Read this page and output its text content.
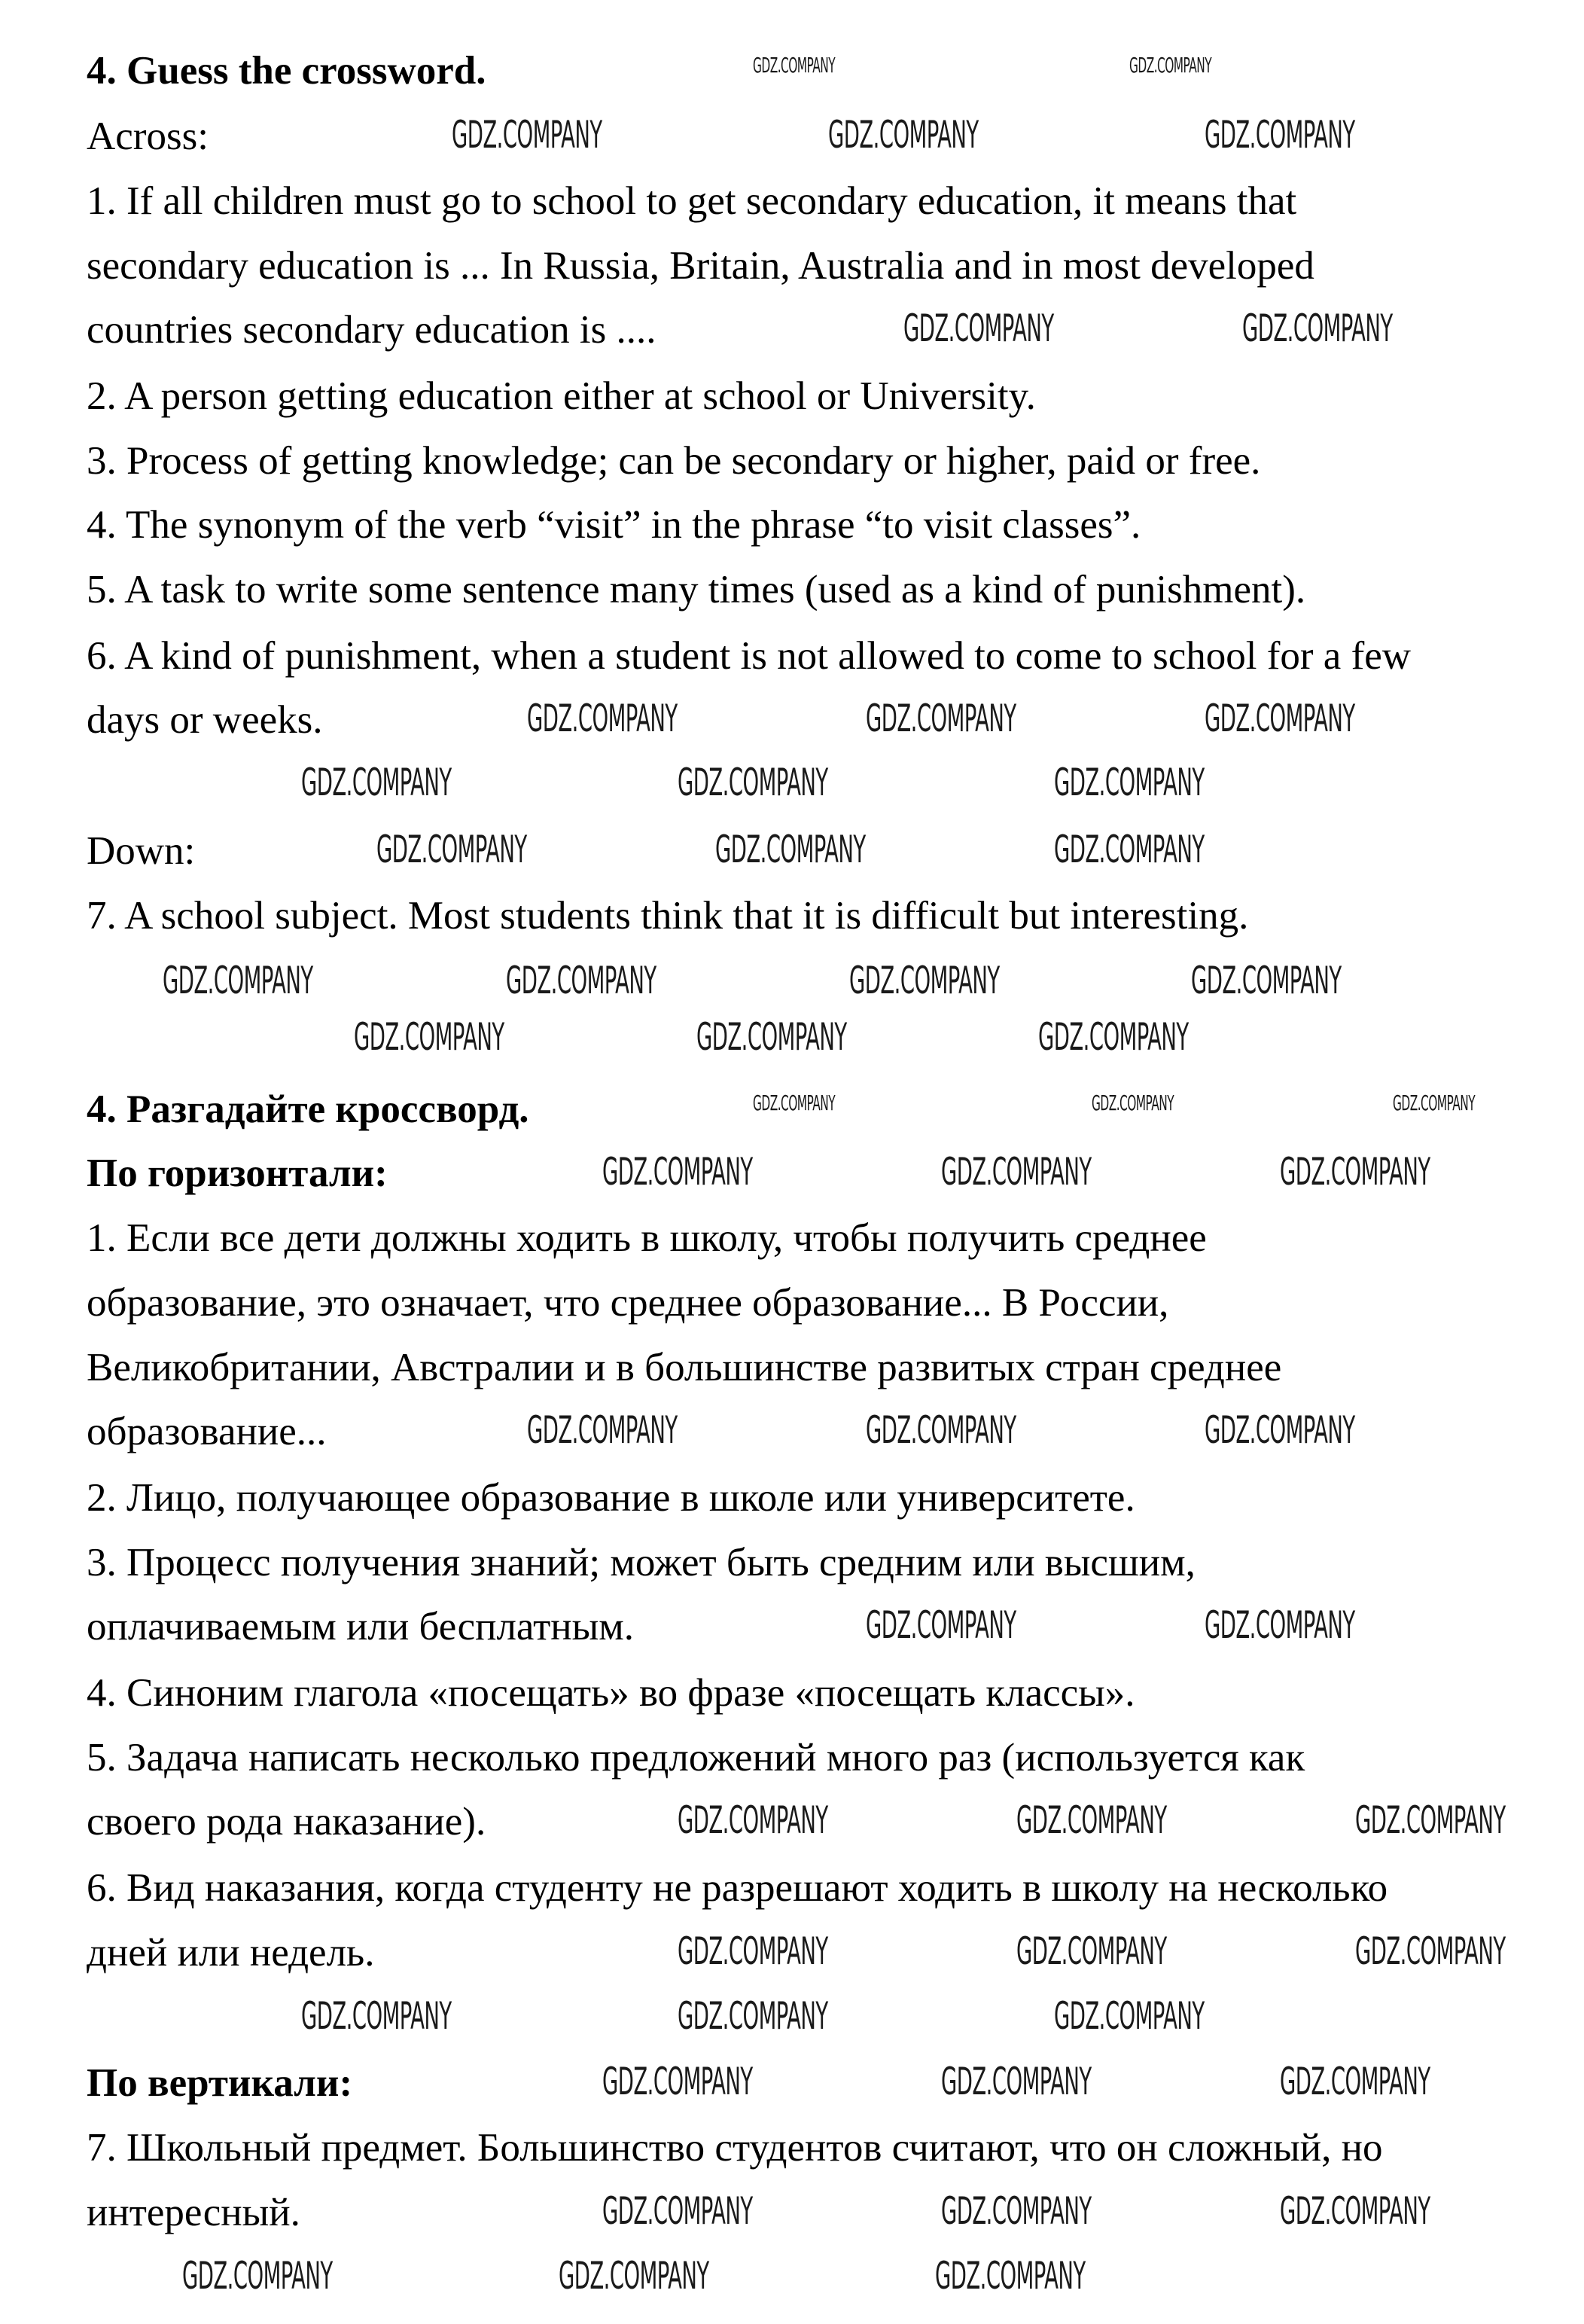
4. Guess the crossword.
Across:
1. If all children must go to school to get secondary education, it means that
secondary education is ... In Russia, Britain, Australia and in most developed
countries secondary education is ....
2. A person getting education either at school or University.
3. Process of getting knowledge; can be secondary or higher, paid or free.
4. The synonym of the verb “visit” in the phrase “to visit classes”.
5. A task to write some sentence many times (used as a kind of punishment).
6. A kind of punishment, when a student is not allowed to come to school for a few
days or weeks.
Down:
7. A school subject. Most students think that it is difficult but interesting.
4. Разгадайте кроссворд.
По горизонтали:
1. Если все дети должны ходить в школу, чтобы получить среднее
образование, это означает, что среднее образование... В России,
Великобритании, Австралии и в большинстве развитых стран среднее
образование...
2. Лицо, получающее образование в школе или университете.
3. Процесс получения знаний; может быть средним или высшим,
оплачиваемым или бесплатным.
4. Синоним глагола «посещать» во фразе «посещать классы».
5. Задача написать несколько предложений много раз (используется как
своего рода наказание).
6. Вид наказания, когда студенту не разрешают ходить в школу на несколько
дней или недель.
По вертикали:
7. Школьный предмет. Большинство студентов считают, что он сложный, но
интересный.
GDZ.COMPANY	GDZ.COMPANY
GDZ.COMPANY	GDZ.COMPANY	GDZ.COMPANY
GDZ.COMPANY	GDZ.COMPANY
GDZ.COMPANY	GDZ.COMPANY	GDZ.COMPANY
GDZ.COMPANY	GDZ.COMPANY	GDZ.COMPANY
GDZ.COMPANY	GDZ.COMPANY	GDZ.COMPANY
GDZ.COMPANY	GDZ.COMPANY	GDZ.COMPANY	GDZ.COMPANY
GDZ.COMPANY	GDZ.COMPANY	GDZ.COMPANY
GDZ.COMPANY	GDZ.COMPANY	GDZ.COMPANY
GDZ.COMPANY	GDZ.COMPANY	GDZ.COMPANY
GDZ.COMPANY	GDZ.COMPANY	GDZ.COMPANY
GDZ.COMPANY	GDZ.COMPANY
GDZ.COMPANY	GDZ.COMPANY	GDZ.COMPANY
GDZ.COMPANY	GDZ.COMPANY	GDZ.COMPANY
GDZ.COMPANY	GDZ.COMPANY	GDZ.COMPANY
GDZ.COMPANY	GDZ.COMPANY	GDZ.COMPANY
GDZ.COMPANY	GDZ.COMPANY	GDZ.COMPANY
GDZ.COMPANY	GDZ.COMPANY	GDZ.COMPANY
